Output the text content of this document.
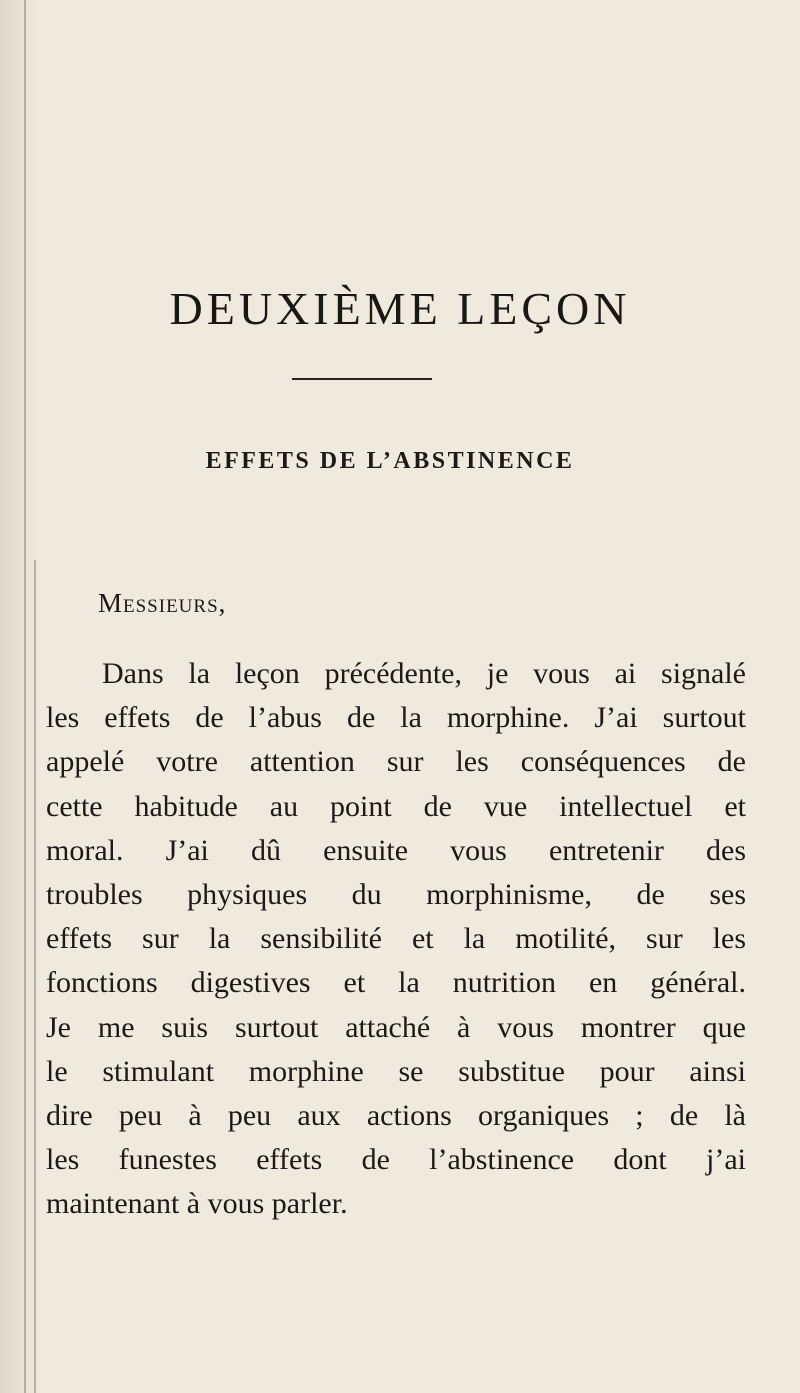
DEUXIÈME LEÇON
EFFETS DE L’ABSTINENCE

Messieurs,

Dans la leçon précédente, je vous ai signalé
les effets de l’abus de la morphine. J’ai surtout
appelé votre attention sur les conséquences de
cette habitude au point de vue intellectuel et
moral. J’ai dû ensuite vous entretenir des
troubles physiques du morphinisme, de ses
effets sur la sensibilité et la motilité, sur les
fonctions digestives et la nutrition en général.
Je me suis surtout attaché à vous montrer que
le stimulant morphine se substitue pour ainsi
dire peu à peu aux actions organiques ; de là
les funestes effets de l’abstinence dont j’ai
maintenant à vous parler.
